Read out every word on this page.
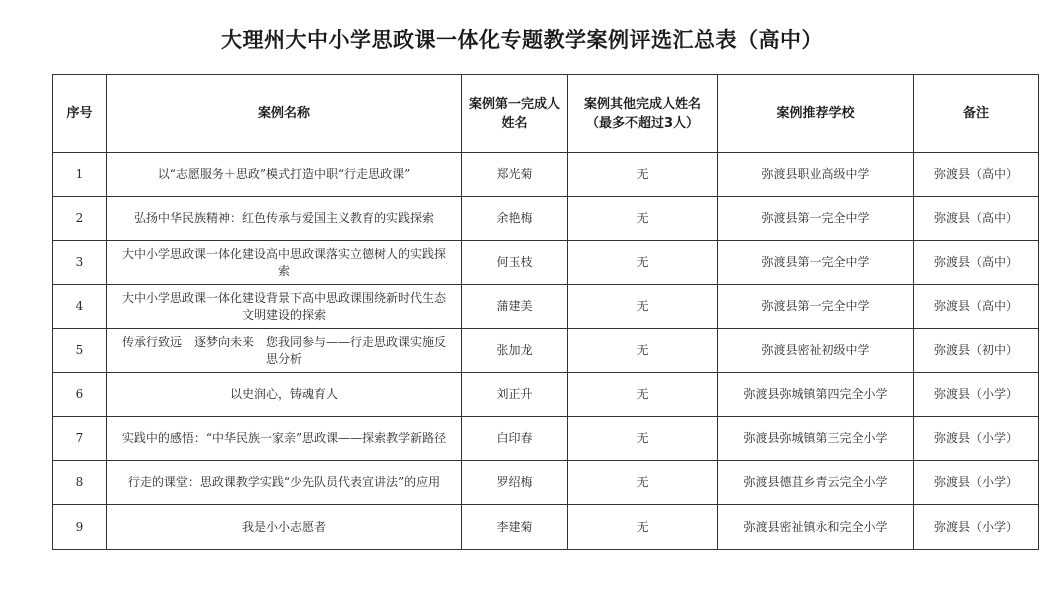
大理州大中小学思政课一体化专题教学案例评选汇总表（高中）
序号	案例名称	案例第一完成人姓名	案例其他完成人姓名（最多不超过3人）	案例推荐学校	备注
1	以“志愿服务＋思政”模式打造中职“行走思政课”	郑光菊	无	弥渡县职业高级中学	弥渡县（高中）
2	弘扬中华民族精神：红色传承与爱国主义教育的实践探索	余艳梅	无	弥渡县第一完全中学	弥渡县（高中）
3	大中小学思政课一体化建设高中思政课落实立德树人的实践探索	何玉枝	无	弥渡县第一完全中学	弥渡县（高中）
4	大中小学思政课一体化建设背景下高中思政课围绕新时代生态文明建设的探索	蒲建美	无	弥渡县第一完全中学	弥渡县（高中）
5	传承行致远　逐梦向未来　您我同参与——行走思政课实施反思分析	张加龙	无	弥渡县密祉初级中学	弥渡县（初中）
6	以史润心，铸魂育人	刘正升	无	弥渡县弥城镇第四完全小学	弥渡县（小学）
7	实践中的感悟：“中华民族一家亲”思政课——探索教学新路径	白印春	无	弥渡县弥城镇第三完全小学	弥渡县（小学）
8	行走的课堂：思政课教学实践“少先队员代表宣讲法”的应用	罗绍梅	无	弥渡县德苴乡青云完全小学	弥渡县（小学）
9	我是小小志愿者	李建菊	无	弥渡县密祉镇永和完全小学	弥渡县（小学）
